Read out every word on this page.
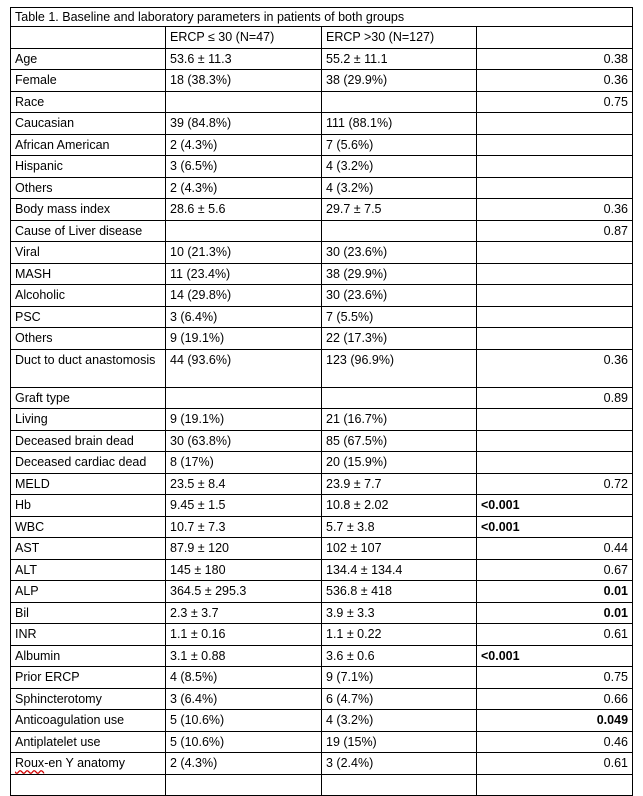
Table 1. Baseline and laboratory parameters in patients of both groups			
	ERCP ≤ 30 (N=47)	ERCP >30 (N=127)	
Age	53.6 ± 11.3	55.2 ± 11.1	0.38
Female	18 (38.3%)	38 (29.9%)	0.36
Race			0.75
Caucasian	39 (84.8%)	111 (88.1%)	
African American	2 (4.3%)	7 (5.6%)	
Hispanic	3 (6.5%)	4 (3.2%)	
Others	2 (4.3%)	4 (3.2%)	
Body mass index	28.6 ± 5.6	29.7 ± 7.5	0.36
Cause of Liver disease			0.87
Viral	10 (21.3%)	30 (23.6%)	
MASH	11 (23.4%)	38 (29.9%)	
Alcoholic	14 (29.8%)	30 (23.6%)	
PSC	3 (6.4%)	7 (5.5%)	
Others	9 (19.1%)	22 (17.3%)	
Duct to duct anastomosis	44 (93.6%)	123 (96.9%)	0.36
Graft type			0.89
Living	9 (19.1%)	21 (16.7%)	
Deceased brain dead	30 (63.8%)	85 (67.5%)	
Deceased cardiac dead	8 (17%)	20 (15.9%)	
MELD	23.5 ± 8.4	23.9 ± 7.7	0.72
Hb	9.45 ± 1.5	10.8 ± 2.02	<0.001
WBC	10.7 ± 7.3	5.7 ± 3.8	<0.001
AST	87.9 ± 120	102 ± 107	0.44
ALT	145 ± 180	134.4 ± 134.4	0.67
ALP	364.5 ± 295.3	536.8 ± 418	0.01
Bil	2.3 ± 3.7	3.9 ± 3.3	0.01
INR	1.1 ± 0.16	1.1 ± 0.22	0.61
Albumin	3.1 ± 0.88	3.6 ± 0.6	<0.001
Prior ERCP	4 (8.5%)	9 (7.1%)	0.75
Sphincterotomy	3 (6.4%)	6 (4.7%)	0.66
Anticoagulation use	5 (10.6%)	4 (3.2%)	0.049
Antiplatelet use	5 (10.6%)	19 (15%)	0.46
Roux-en Y anatomy	2 (4.3%)	3 (2.4%)	0.61
